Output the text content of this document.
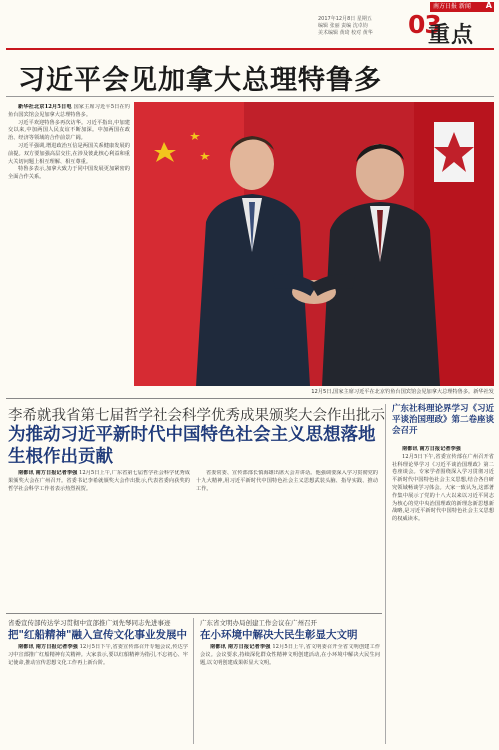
南方日报 新闻 A
2017年12月8日 星期五
编辑 张丽 责编 沈卓钧
美术编辑 黄琦 校对 黄华	03
重点
习近平会见加拿大总理特鲁多

新华社北京12月5日电 国家主席习近平5日在钓鱼台国宾馆会见加拿大总理特鲁多。

习近平欢迎特鲁多再次访华。习近平指出,中加建交以来,中加两国人民友谊不断加深。中加两国在政治、经济等领域的合作前景广阔。

习近平强调,增进政治互信是两国关系健康发展的前提。双方要加强高层交往,在涉及彼此核心利益和重大关切问题上相互理解、相互尊重。

特鲁多表示,加拿大致力于同中国发展更加紧密的全面合作关系。

12月5日,国家主席习近平在北京钓鱼台国宾馆会见加拿大总理特鲁多。新华社发
李希就我省第七届哲学社会科学优秀成果颁奖大会作出批示
为推动习近平新时代中国特色社会主义思想落地生根作出贡献

南都讯 南方日报记者李强 12月5日上午,广东省第七届哲学社会科学优秀成果颁奖大会在广州召开。省委书记李希就颁奖大会作出批示,代表省委向获奖的哲学社会科学工作者表示热烈祝贺。

省委常委、宣传部部长慎海雄出席大会并讲话。他强调要深入学习贯彻党的十九大精神,用习近平新时代中国特色社会主义思想武装头脑、指导实践、推动工作。

广东社科理论界学习《习近平谈治国理政》第二卷座谈会召开

南都讯 南方日报记者李强

12月5日下午,省委宣传部在广州召开省社科理论界学习《习近平谈治国理政》第二卷座谈会。专家学者围绕深入学习贯彻习近平新时代中国特色社会主义思想,结合各自研究领域畅谈学习体会。大家一致认为,这部著作集中展示了党的十八大以来以习近平同志为核心的党中央治国理政的新理念新思想新战略,是习近平新时代中国特色社会主义思想的权威读本。

省委宣传部传达学习贯彻中宣部推广刘先琴同志先进事迹
把"红船精神"融入宣传文化事业发展中

南都讯 南方日报记者李强 12月5日下午,省委宣传部召开专题会议,传达学习中宣部推广红船精神有关精神。大家表示,要以红船精神为指引,不忘初心、牢记使命,推动宣传思想文化工作再上新台阶。

广东省文明办局创建工作会议在广州召开
在小环境中解决大民生彰显大文明

南都讯 南方日报记者李强 12月5日上午,省文明委召开全省文明创建工作会议。会议要求,持续深化群众性精神文明创建活动,在小环境中解决大民生问题,以文明创建成果彰显大文明。
